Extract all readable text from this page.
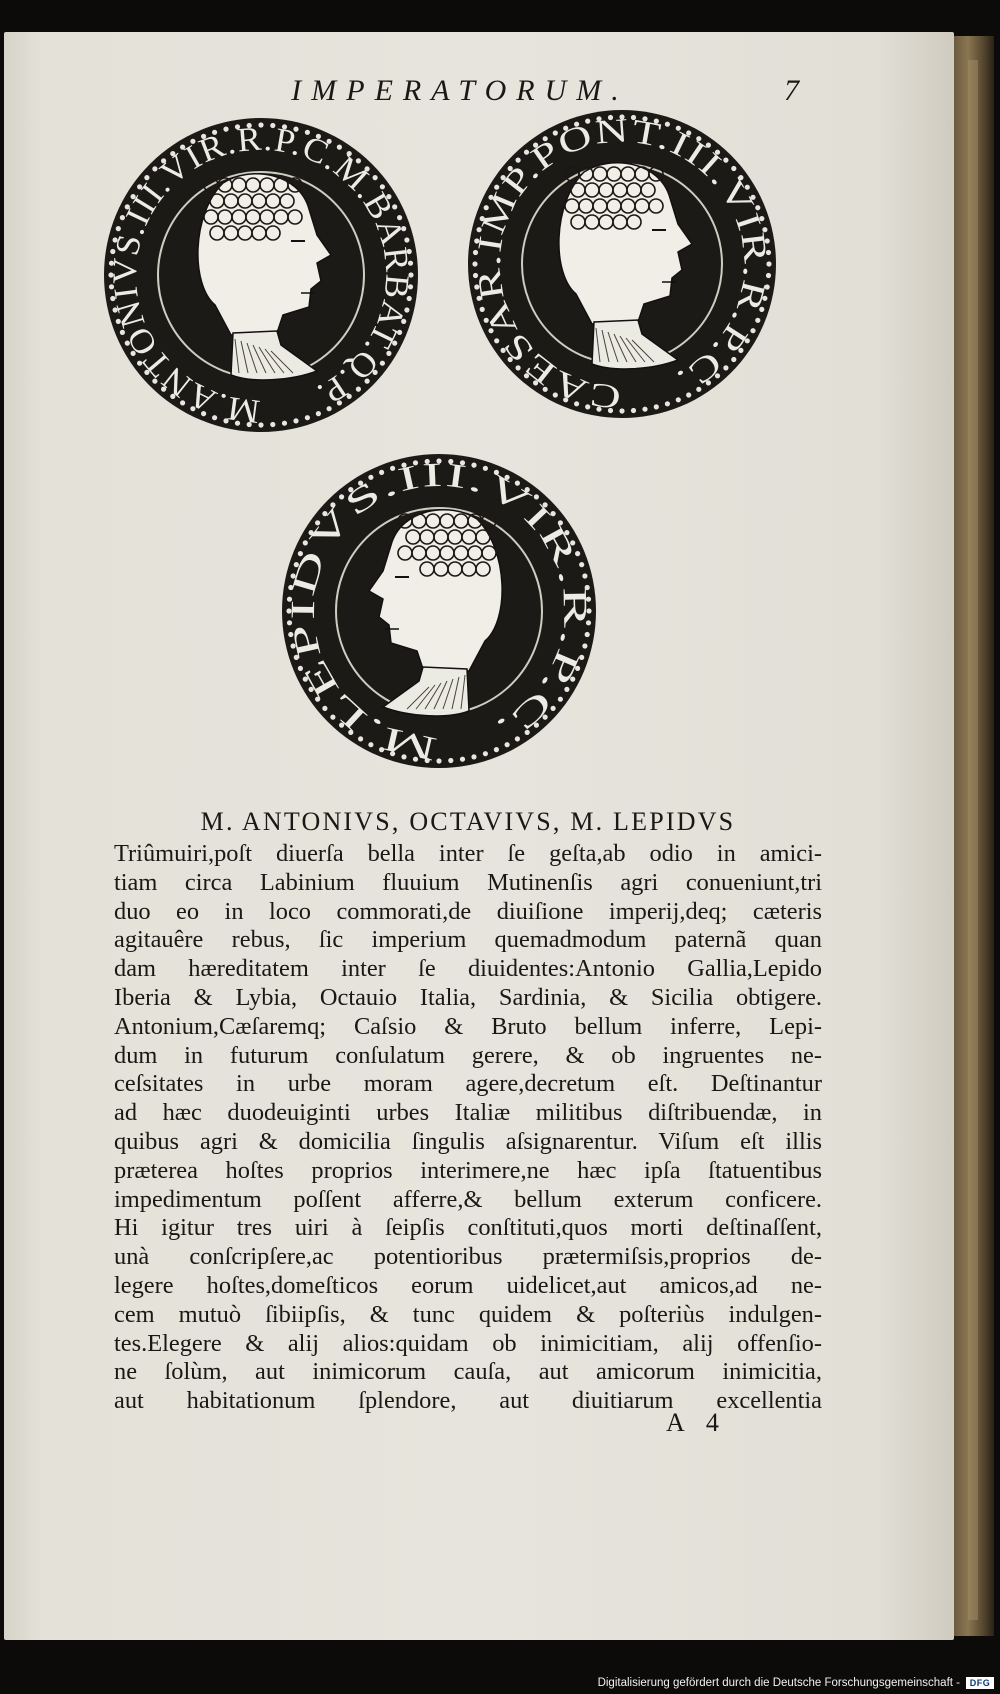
IMPERATORUM.	7
M.ANTONIVS.III.VIR.R.P.C.M.BARBAT.Q.P.	CAESAR.IMP.PONT.III.VIR.R.P.C.
M.LEPIDVS.III.VIR.R.P.C.
M. ANTONIVS, OCTAVIVS, M. LEPIDVS
Triûmuiri,poſt diuerſa bella inter ſe geſta,ab odio in amici-
tiam circa Labinium fluuium Mutinenſis agri conueniunt,tri
duo eo in loco commorati,de diuiſione imperij,deq; cæteris
agitauêre rebus, ſic imperium quemadmodum paternã quan
dam hæreditatem inter ſe diuidentes:Antonio Gallia,Lepido
Iberia & Lybia, Octauio Italia, Sardinia, & Sicilia obtigere.
Antonium,Cæſaremq; Caſsio & Bruto bellum inferre, Lepi-
dum in futurum conſulatum gerere, & ob ingruentes ne-
ceſsitates in urbe moram agere,decretum eſt. Deſtinantur
ad hæc duodeuiginti urbes Italiæ militibus diſtribuendæ, in
quibus agri & domicilia ſingulis aſsignarentur. Viſum eſt illis
præterea hoſtes proprios interimere,ne hæc ipſa ſtatuentibus
impedimentum poſſent afferre,& bellum exterum conficere.
Hi igitur tres uiri à ſeipſis conſtituti,quos morti deſtinaſſent,
unà conſcripſere,ac potentioribus prætermiſsis,proprios de-
legere hoſtes,domeſticos eorum uidelicet,aut amicos,ad ne-
cem mutuò ſibiipſis, & tunc quidem & poſteriùs indulgen-
tes.Elegere & alij alios:quidam ob inimicitiam, alij offenſio-
ne ſolùm, aut inimicorum cauſa, aut amicorum inimicitia,
aut habitationum ſplendore, aut diuitiarum excellentia
A 4
Digitalisierung gefördert durch die Deutsche Forschungsgemeinschaft -	DFG
